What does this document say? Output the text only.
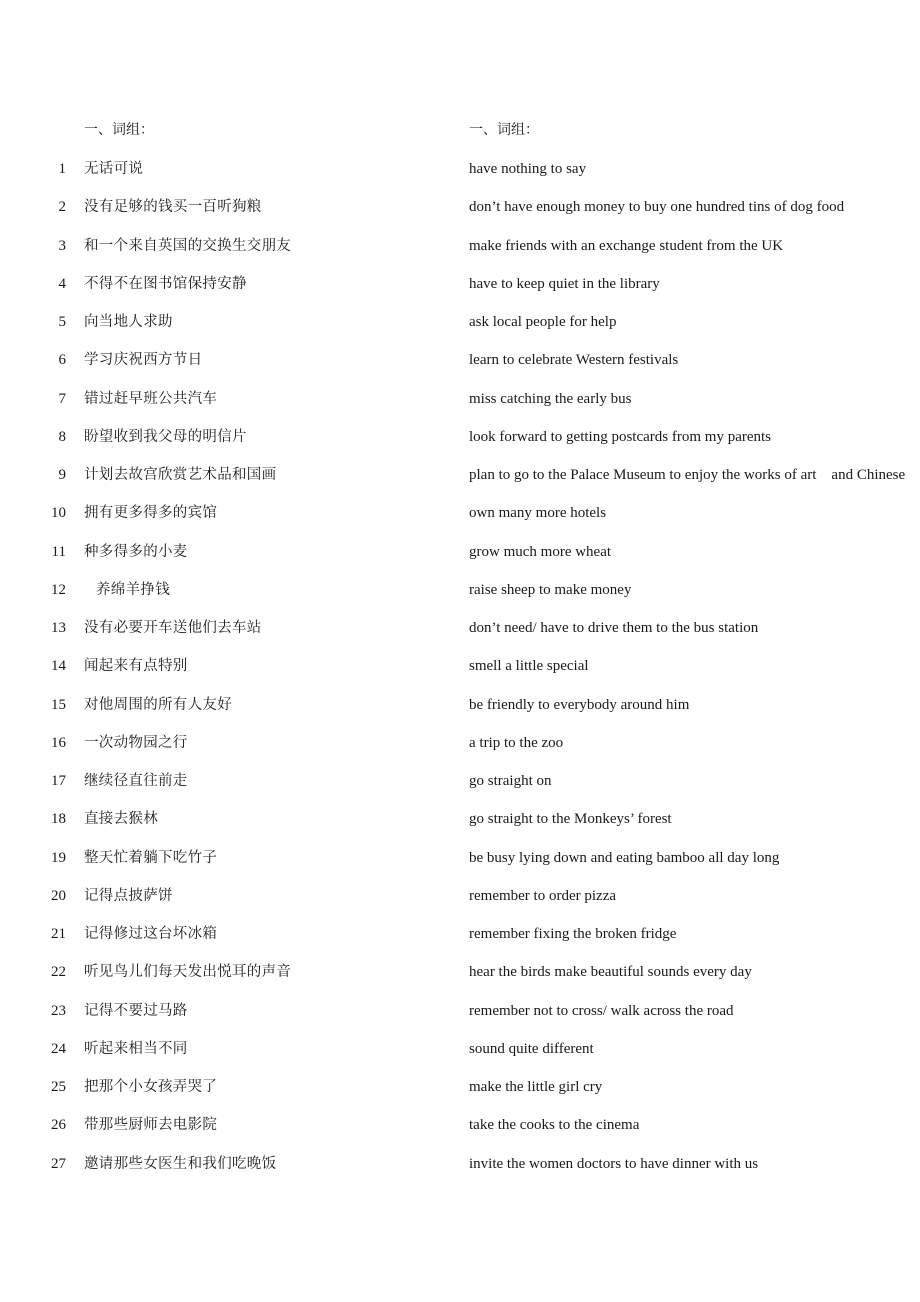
一、词组：	一、词组：
1 无话可说	have nothing to say
2 没有足够的钱买一百听狗粮	don’t have enough money to buy one hundred tins of dog food
3 和一个来自英国的交换生交朋友	make friends with an exchange student from the UK
4 不得不在图书馆保持安静	have to keep quiet in the library
5 向当地人求助	ask local people for help
6 学习庆祝西方节日	learn to celebrate Western festivals
7 错过赶早班公共汽车	miss catching the early bus
8 盼望收到我父母的明信片	look forward to getting postcards from my parents
9 计划去故宫欣赏艺术品和国画	plan to go to the Palace Museum to enjoy the works of art    and Chinese
10 拥有更多得多的宾馆	own many more hotels
11 种多得多的小麦	grow much more wheat
12 养绵羊挣钱	raise sheep to make money
13 没有必要开车送他们去车站	don’t need/ have to drive them to the bus station
14 闻起来有点特别	smell a little special
15 对他周围的所有人友好	be friendly to everybody around him
16 一次动物园之行	a trip to the zoo
17 继续径直往前走	go straight on
18 直接去猴林	go straight to the Monkeys’ forest
19 整天忙着躺下吃竹子	be busy lying down and eating bamboo all day long
20 记得点披萨饼	remember to order pizza
21 记得修过这台坏冰箱	remember fixing the broken fridge
22 听见鸟儿们每天发出悦耳的声音	hear the birds make beautiful sounds every day
23 记得不要过马路	remember not to cross/ walk across the road
24 听起来相当不同	sound quite different
25 把那个小女孩弄哭了	make the little girl cry
26 带那些厨师去电影院	take the cooks to the cinema
27 邀请那些女医生和我们吃晚饭	invite the women doctors to have dinner with us
